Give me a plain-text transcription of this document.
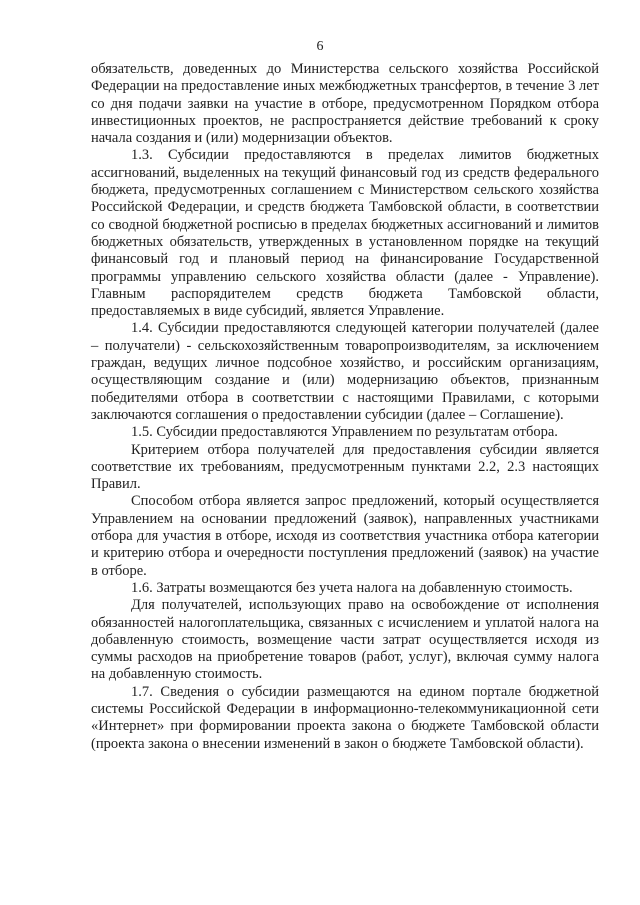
6

обязательств, доведенных до Министерства сельского хозяйства Российской Федерации на предоставление иных межбюджетных трансфертов, в течение 3 лет со дня подачи заявки на участие в отборе, предусмотренном Порядком отбора инвестиционных проектов, не распространяется действие требований к сроку начала создания и (или) модернизации объектов.

1.3. Субсидии предоставляются в пределах лимитов бюджетных ассигнований, выделенных на текущий финансовый год из средств федерального бюджета, предусмотренных соглашением с Министерством сельского хозяйства Российской Федерации, и средств бюджета Тамбовской области, в соответствии со сводной бюджетной росписью в пределах бюджетных ассигнований и лимитов бюджетных обязательств, утвержденных в установленном порядке на текущий финансовый год и плановый период на финансирование Государственной программы управлению сельского хозяйства области (далее - Управление). Главным распорядителем средств бюджета Тамбовской области, предоставляемых в виде субсидий, является Управление.

1.4. Субсидии предоставляются следующей категории получателей (далее – получатели) - сельскохозяйственным товаропроизводителям, за исключением граждан, ведущих личное подсобное хозяйство, и российским организациям, осуществляющим создание и (или) модернизацию объектов, признанным победителями отбора в соответствии с настоящими Правилами, с которыми заключаются соглашения о предоставлении субсидии (далее – Соглашение).

1.5. Субсидии предоставляются Управлением по результатам отбора.

Критерием отбора получателей для предоставления субсидии является соответствие их требованиям, предусмотренным пунктами 2.2, 2.3 настоящих Правил.

Способом отбора является запрос предложений, который осуществляется Управлением на основании предложений (заявок), направленных участниками отбора для участия в отборе, исходя из соответствия участника отбора категории и критерию отбора и очередности поступления предложений (заявок) на участие в отборе.

1.6. Затраты возмещаются без учета налога на добавленную стоимость.

Для получателей, использующих право на освобождение от исполнения обязанностей налогоплательщика, связанных с исчислением и уплатой налога на добавленную стоимость, возмещение части затрат осуществляется исходя из суммы расходов на приобретение товаров (работ, услуг), включая сумму налога на добавленную стоимость.

1.7. Сведения о субсидии размещаются на едином портале бюджетной системы Российской Федерации в информационно-телекоммуникационной сети «Интернет» при формировании проекта закона о бюджете Тамбовской области (проекта закона о внесении изменений в закон о бюджете Тамбовской области).
